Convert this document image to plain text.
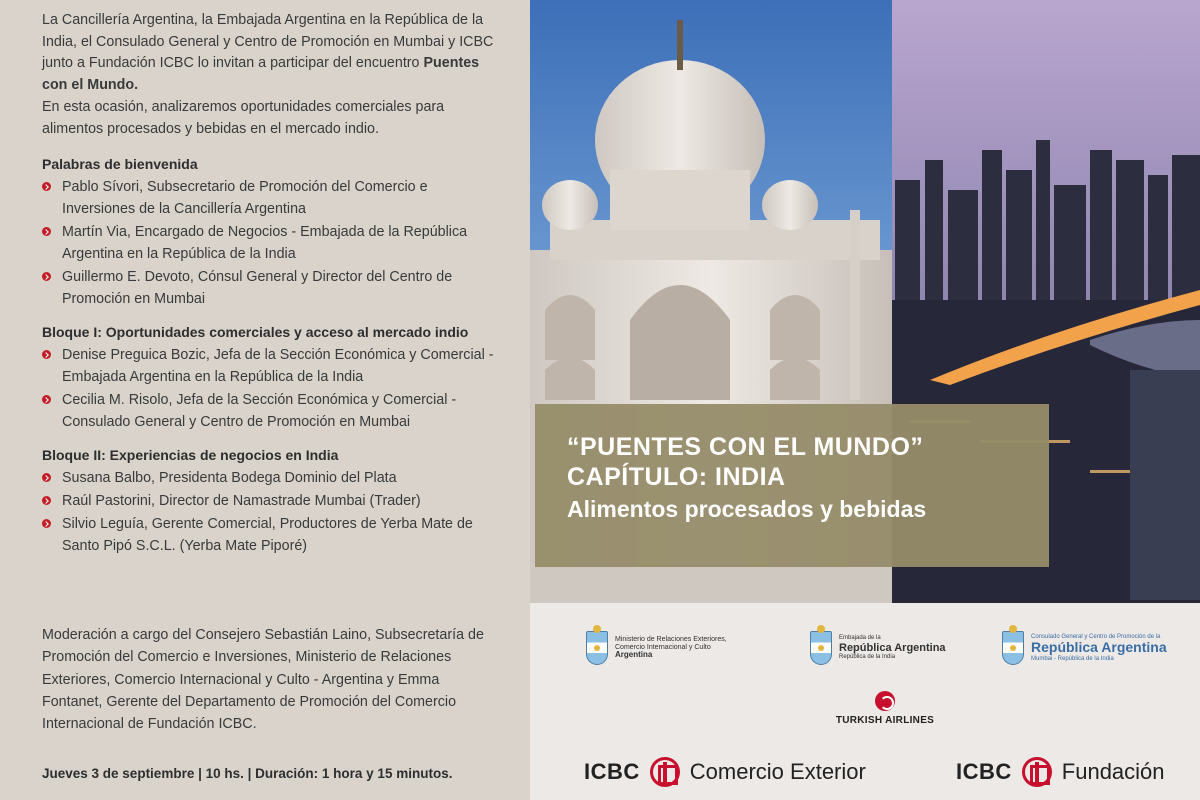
La Cancillería Argentina, la Embajada Argentina en la República de la India, el Consulado General y Centro de Promoción en Mumbai y ICBC junto a Fundación ICBC lo invitan a participar del encuentro Puentes con el Mundo.
En esta ocasión, analizaremos oportunidades comerciales para alimentos procesados y bebidas en el mercado indio.

Palabras de bienvenida
Pablo Sívori, Subsecretario de Promoción del Comercio e Inversiones de la Cancillería Argentina
Martín Via, Encargado de Negocios - Embajada de la República Argentina en la República de la India
Guillermo E. Devoto, Cónsul General y Director del Centro de Promoción en Mumbai
Bloque I: Oportunidades comerciales y acceso al mercado indio
Denise Preguica Bozic, Jefa de la Sección Económica y Comercial - Embajada Argentina en la República de la India
Cecilia M. Risolo, Jefa de la Sección Económica y Comercial - Consulado General y Centro de Promoción en Mumbai
Bloque II: Experiencias de negocios en India
Susana Balbo, Presidenta Bodega Dominio del Plata
Raúl Pastorini, Director de Namastrade Mumbai (Trader)
Silvio Leguía, Gerente Comercial, Productores de Yerba Mate de Santo Pipó S.C.L. (Yerba Mate Piporé)

Moderación a cargo del Consejero Sebastián Laino, Subsecretaría de Promoción del Comercio e Inversiones, Ministerio de Relaciones Exteriores, Comercio Internacional y Culto - Argentina y Emma Fontanet, Gerente del Departamento de Promoción del Comercio Internacional de Fundación ICBC.

Jueves 3 de septiembre | 10 hs. | Duración: 1 hora y 15 minutos.
“PUENTES CON EL MUNDO”
CAPÍTULO: INDIA
Alimentos procesados y bebidas
Ministerio de Relaciones Exteriores,
Comercio Internacional y Culto
Argentina
Embajada de la
República Argentina
República de la India
Consulado General y Centro de Promoción de la
República Argentina
Mumbai - República de la India
TURKISH AIRLINES
ICBC Comercio Exterior	ICBC Fundación
